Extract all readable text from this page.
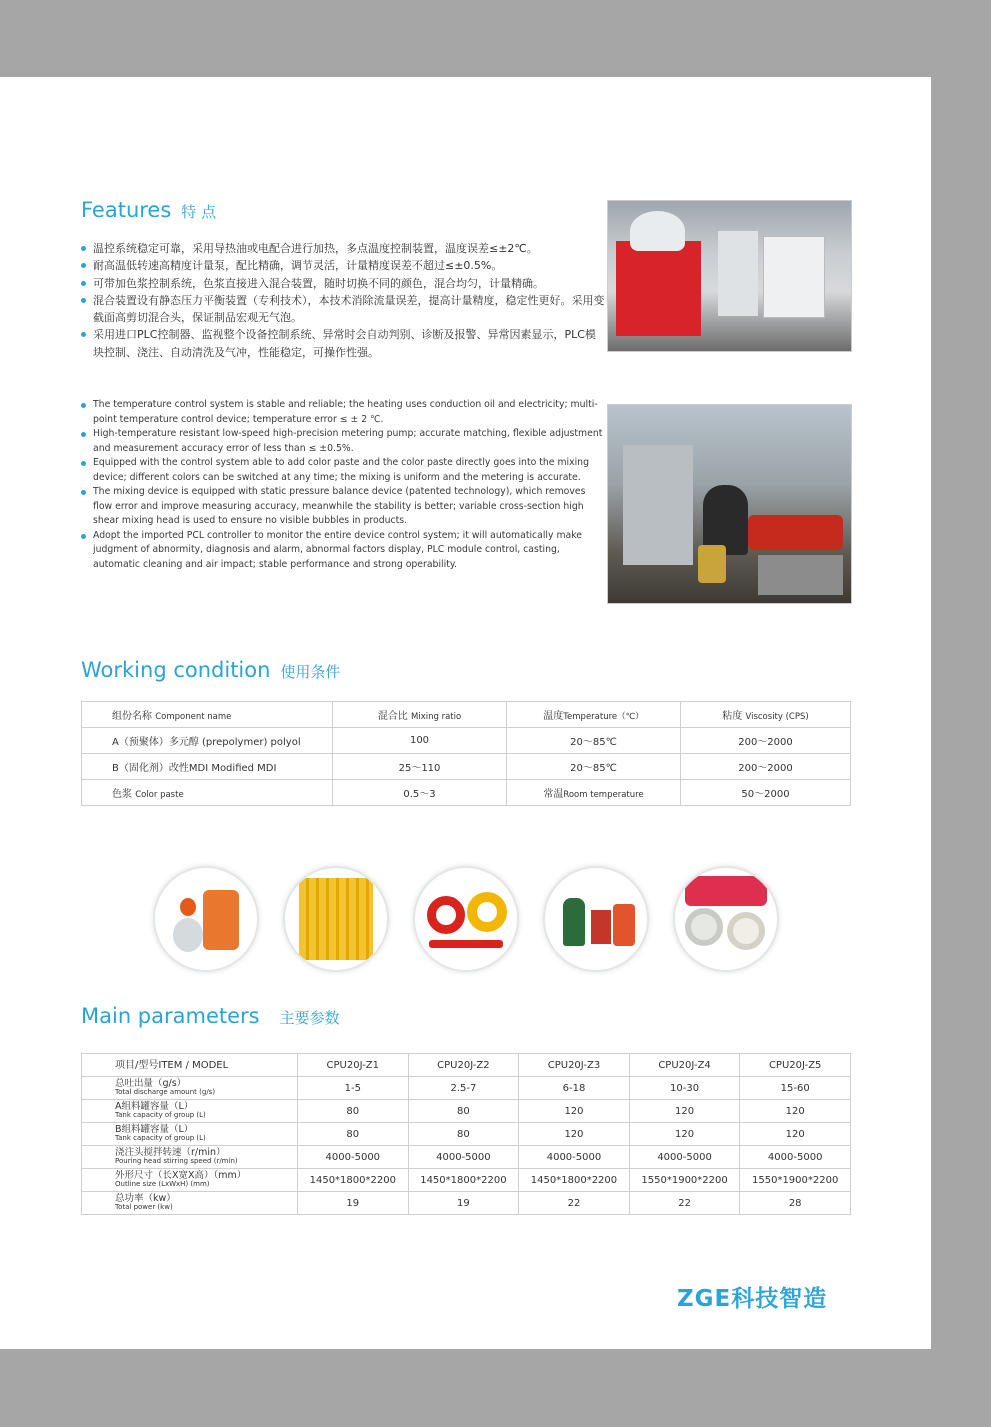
Features 特 点
温控系统稳定可靠，采用导热油或电配合进行加热，多点温度控制装置，温度误差≤±2℃。
耐高温低转速高精度计量泵，配比精确，调节灵活，计量精度误差不超过≤±0.5%。
可带加色浆控制系统，色浆直接进入混合装置，随时切换不同的颜色，混合均匀，计量精确。
混合装置设有静态压力平衡装置（专利技术），本技术消除流量误差，提高计量精度，稳定性更好。采用变截面高剪切混合头，保证制品宏观无气泡。
采用进口PLC控制器、监视整个设备控制系统、异常时会自动判别、诊断及报警、异常因素显示，PLC模块控制、浇注、自动清洗及气冲，性能稳定，可操作性强。
The temperature control system is stable and reliable; the heating uses conduction oil and electricity; multi-point temperature control device; temperature error ≤ ± 2 ℃.
High-temperature resistant low-speed high-precision metering pump; accurate matching, flexible adjustment and measurement accuracy error of less than ≤ ±0.5%.
Equipped with the control system able to add color paste and the color paste directly goes into the mixing device; different colors can be switched at any time; the mixing is uniform and the metering is accurate.
The mixing device is equipped with static pressure balance device (patented technology), which removes flow error and improve measuring accuracy, meanwhile the stability is better; variable cross-section high shear mixing head is used to ensure no visible bubbles in products.
Adopt the imported PCL controller to monitor the entire device control system; it will automatically make judgment of abnormity, diagnosis and alarm, abnormal factors display, PLC module control, casting, automatic cleaning and air impact; stable performance and strong operability.
Working condition 使用条件
组份名称 Component name	混合比 Mixing ratio	温度Temperature（℃）	粘度 Viscosity (CPS)
A（预聚体）多元醇 (prepolymer) polyol	100	20～85℃	200～2000
B（固化剂）改性MDI Modified MDI	25～110	20～85℃	200～2000
色浆 Color paste	0.5～3	常温Room temperature	50～2000
Main parameters 主要参数
项目/型号ITEM / MODEL	CPU20J-Z1	CPU20J-Z2	CPU20J-Z3	CPU20J-Z4	CPU20J-Z5

总吐出量（g/s）
Total discharge amount (g/s)	1-5	2.5-7	6-18	10-30	15-60

A组料罐容量（L）
Tank capacity of group (L)	80	80	120	120	120

B组料罐容量（L）
Tank capacity of group (L)	80	80	120	120	120

浇注头搅拌转速（r/min）
Pouring head stirring speed (r/min)	4000-5000	4000-5000	4000-5000	4000-5000	4000-5000

外形尺寸（长X宽X高）（mm）
Outline size (LxWxH) (mm)	1450*1800*2200	1450*1800*2200	1450*1800*2200	1550*1900*2200	1550*1900*2200

总功率（kw）
Total power (kw)	19	19	22	22	28
ZGE科技智造
